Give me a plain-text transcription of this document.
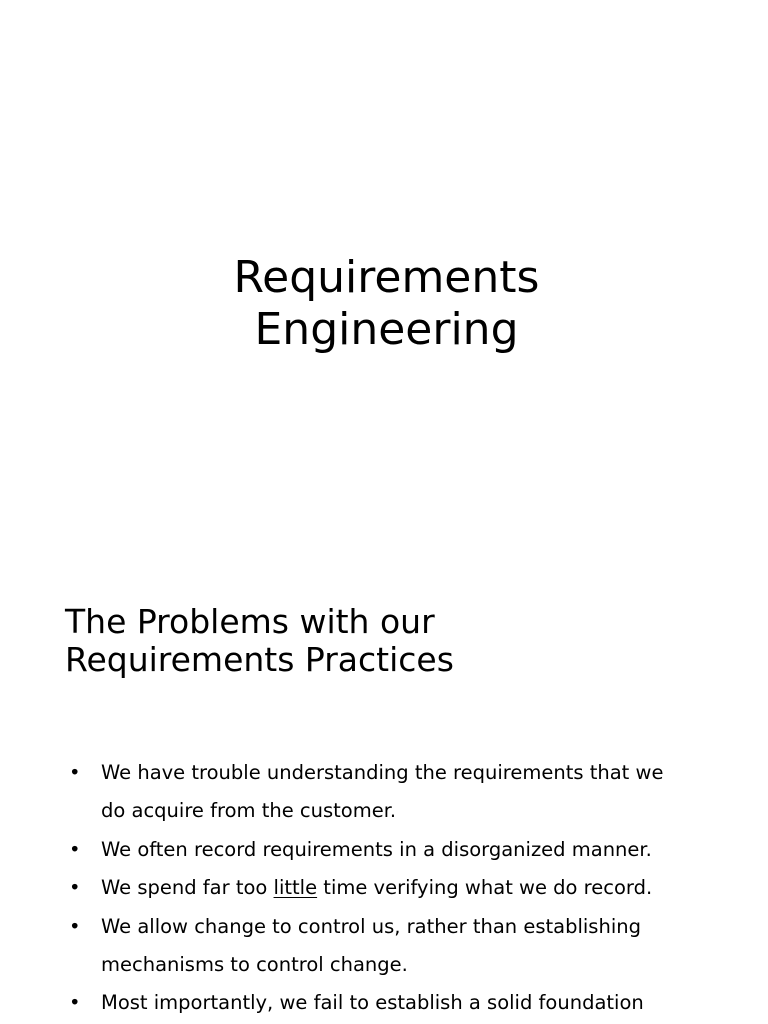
Requirements
Engineering
The Problems with our
Requirements Practices
• We have trouble understanding the requirements that we
do acquire from the customer.
• We often record requirements in a disorganized manner.
• We spend far too little time verifying what we do record.
• We allow change to control us, rather than establishing
mechanisms to control change.
• Most importantly, we fail to establish a solid foundation
